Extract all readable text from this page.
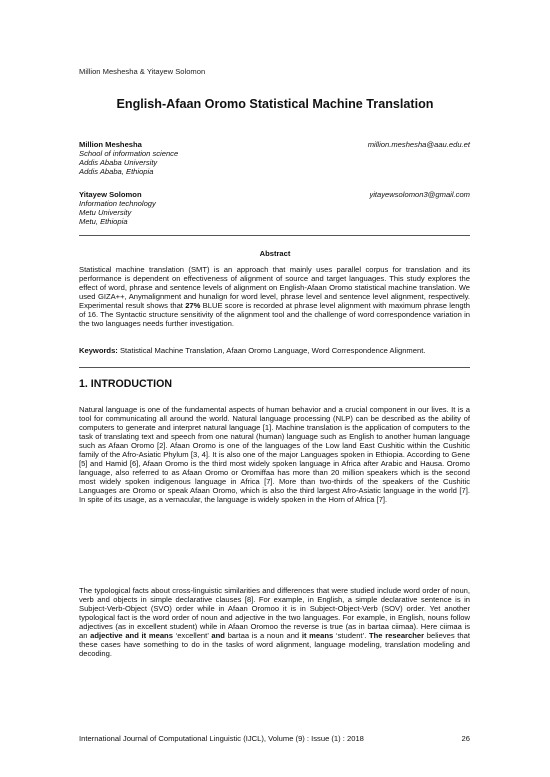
Million Meshesha & Yitayew Solomon
English-Afaan Oromo Statistical Machine Translation
Million Meshesha	million.meshesha@aau.edu.et
School of information science
Addis Ababa University
Addis Ababa, Ethiopia
Yitayew Solomon	yitayewsolomon3@gmail.com
Information technology
Metu University
Metu, Ethiopia
Abstract

Statistical machine translation (SMT) is an approach that mainly uses parallel corpus for translation and its performance is dependent on effectiveness of alignment of source and target languages. This study explores the effect of word, phrase and sentence levels of alignment on English-Afaan Oromo statistical machine translation. We used GIZA++, Anymalignment and hunalign for word level, phrase level and sentence level alignment, respectively. Experimental result shows that 27% BLUE score is recorded at phrase level alignment with maximum phrase length of 16. The Syntactic structure sensitivity of the alignment tool and the challenge of word correspondence variation in the two languages needs further investigation.

Keywords: Statistical Machine Translation, Afaan Oromo Language, Word Correspondence Alignment.

1. INTRODUCTION

Natural language is one of the fundamental aspects of human behavior and a crucial component in our lives. It is a tool for communicating all around the world. Natural language processing (NLP) can be described as the ability of computers to generate and interpret natural language [1]. Machine translation is the application of computers to the task of translating text and speech from one natural (human) language such as English to another human language such as Afaan Oromo [2]. Afaan Oromo is one of the languages of the Low land East Cushitic within the Cushitic family of the Afro-Asiatic Phylum [3, 4]. It is also one of the major Languages spoken in Ethiopia. According to Gene [5] and Hamid [6], Afaan Oromo is the third most widely spoken language in Africa after Arabic and Hausa. Oromo language, also referred to as Afaan Oromo or Oromiffaa has more than 20 million speakers which is the second most widely spoken indigenous language in Africa [7]. More than two-thirds of the speakers of the Cushitic Languages are Oromo or speak Afaan Oromo, which is also the third largest Afro-Asiatic language in the world [7]. In spite of its usage, as a vernacular, the language is widely spoken in the Horn of Africa [7].

The typological facts about cross-linguistic similarities and differences that were studied include word order of noun, verb and objects in simple declarative clauses [8]. For example, in English, a simple declarative sentence is in Subject-Verb-Object (SVO) order while in Afaan Oromoo it is in Subject-Object-Verb (SOV) order. Yet another typological fact is the word order of noun and adjective in the two languages. For example, in English, nouns follow adjectives (as in excellent student) while in Afaan Oromoo the reverse is true (as in bartaa ciimaa). Here ciimaa is an adjective and it means ‘excellent’ and bartaa is a noun and it means ‘student’. The researcher believes that these cases have something to do in the tasks of word alignment, language modeling, translation modeling and decoding.

International Journal of Computational Linguistic (IJCL), Volume (9) : Issue (1) : 2018	26
